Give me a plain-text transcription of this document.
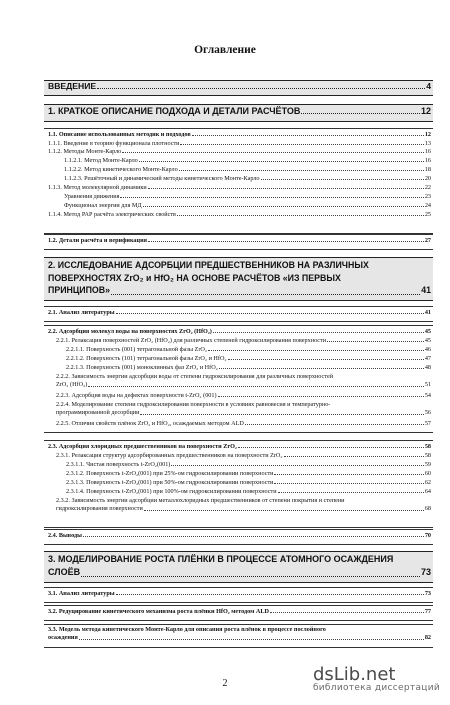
Оглавление
ВВЕДЕНИЕ	4
1. КРАТКОЕ ОПИСАНИЕ ПОДХОДА И ДЕТАЛИ РАСЧЁТОВ	12
1.1. Описание использованных методик и подходов	12
1.1.1. Введение в теорию функционала плотности	13
1.1.2. Методы Монте-Карло	16
1.1.2.1. Метод Монте-Карло	16
1.1.2.2. Метод кинетического Монте-Карло	18
1.1.2.3. Решёточный и динамический методы кинетического Монте-Карло	20
1.1.3. Метод молекулярной динамики	22
Уравнения движения	23
Функционал энергии для МД	24
1.1.4. Метод РАР расчёта электрических свойств	25
1.2. Детали расчёта и верификация	27
2. ИССЛЕДОВАНИЕ АДСОРБЦИИ ПРЕДШЕСТВЕННИКОВ НА РАЗЛИЧНЫХ
ПОВЕРХНОСТЯХ ZrO₂ и HfO₂ НА ОСНОВЕ РАСЧЁТОВ «ИЗ ПЕРВЫХ
ПРИНЦИПОВ»	41
2.1. Анализ литературы	41
2.2. Адсорбция молекул воды на поверхностях ZrO₂ (HfO₂)	45
2.2.1. Релаксация поверхностей ZrO₂ (HfO₂) для различных степеней гидроксилирования поверхности	45
2.2.1.1. Поверхность (001) тетрагональной фазы ZrO₂	46
2.2.1.2. Поверхность (101) тетрагональной фазы ZrO₂ и HfO₂	47
2.2.1.3. Поверхность (001) моноклинных фаз ZrO₂ и HfO₂	48
2.2.2. Зависимость энергии адсорбции воды от степени гидроксилирования для различных поверхностей
ZrO₂ (HfO₂)	51
2.2.3. Адсорбция воды на дефектах поверхности t-ZrO₂ (001)	54
2.2.4. Моделирование степени гидроксилирования поверхности в условиях равновесия и температурно-
программированной десорбции	56
2.2.5. Отличия свойств плёнок ZrO₂ и HfO₂, осаждаемых методом ALD	57
2.3. Адсорбция хлоридных предшественников на поверхности ZrO₂	58
2.3.1. Релаксация структур адсорбированных предшественников на поверхности ZrO₂	58
2.3.1.1. Чистая поверхность t-ZrO₂(001)	59
2.3.1.2. Поверхность t-ZrO₂(001) при 25%-ом гидроксилировании поверхности	60
2.3.1.3. Поверхность t-ZrO₂(001) при 50%-ом гидроксилировании поверхности	62
2.3.1.4. Поверхность t-ZrO₂(001) при 100%-ом гидроксилировании поверхности	64
2.3.2. Зависимость энергии адсорбции металлохлоридных предшественников от степени покрытия и степени
гидроксилирования поверхности	68
2.4. Выводы	70
3. МОДЕЛИРОВАНИЕ РОСТА ПЛЁНКИ В ПРОЦЕССЕ АТОМНОГО ОСАЖДЕНИЯ
СЛОЁВ	73
3.1. Анализ литературы	73
3.2. Редуцирование кинетического механизма роста плёнки HfO₂ методом ALD	77
3.3. Модель метода кинетического Монте-Карло для описания роста плёнок в процессе послойного
осаждения	82
2	dsLib.net
библиотека диссертаций
